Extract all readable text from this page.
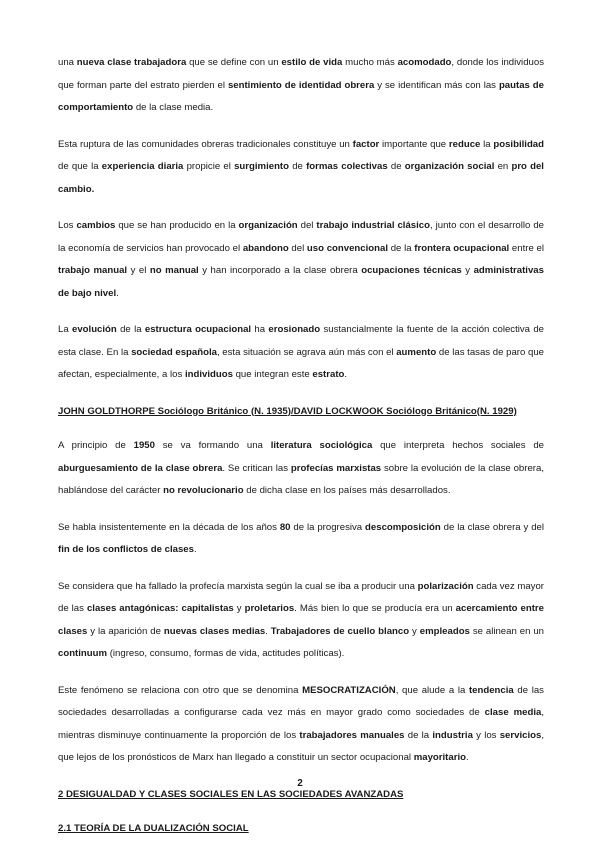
una nueva clase trabajadora que se define con un estilo de vida mucho más acomodado, donde los individuos que forman parte del estrato pierden el sentimiento de identidad obrera y se identifican más con las pautas de comportamiento de la clase media.

Esta ruptura de las comunidades obreras tradicionales constituye un factor importante que reduce la posibilidad de que la experiencia diaria propicie el surgimiento de formas colectivas de organización social en pro del cambio.

Los cambios que se han producido en la organización del trabajo industrial clásico, junto con el desarrollo de la economía de servicios han provocado el abandono del uso convencional de la frontera ocupacional entre el trabajo manual y el no manual y han incorporado a la clase obrera ocupaciones técnicas y administrativas de bajo nivel.

La evolución de la estructura ocupacional ha erosionado sustancialmente la fuente de la acción colectiva de esta clase. En la sociedad española, esta situación se agrava aún más con el aumento de las tasas de paro que afectan, especialmente, a los individuos que integran este estrato.

JOHN GOLDTHORPE Sociólogo Británico (N. 1935)/DAVID LOCKWOOK Sociólogo Británico(N. 1929)

A principio de 1950 se va formando una literatura sociológica que interpreta hechos sociales de aburguesamiento de la clase obrera. Se critican las profecías marxistas sobre la evolución de la clase obrera, hablándose del carácter no revolucionario de dicha clase en los países más desarrollados.

Se habla insistentemente en la década de los años 80 de la progresiva descomposición de la clase obrera y del fin de los conflictos de clases.

Se considera que ha fallado la profecía marxista según la cual se iba a producir una polarización cada vez mayor de las clases antagónicas: capitalistas y proletarios. Más bien lo que se producía era un acercamiento entre clases y la aparición de nuevas clases medias. Trabajadores de cuello blanco y empleados se alinean en un continuum (ingreso, consumo, formas de vida, actitudes políticas).

Este fenómeno se relaciona con otro que se denomina MESOCRATIZACIÓN, que alude a la tendencia de las sociedades desarrolladas a configurarse cada vez más en mayor grado como sociedades de clase media, mientras disminuye continuamente la proporción de los trabajadores manuales de la industria y los servicios, que lejos de los pronósticos de Marx han llegado a constituir un sector ocupacional mayoritario.

2 DESIGUALDAD Y CLASES SOCIALES EN LAS SOCIEDADES AVANZADAS

2.1 TEORÍA DE LA DUALIZACIÓN SOCIAL

2
